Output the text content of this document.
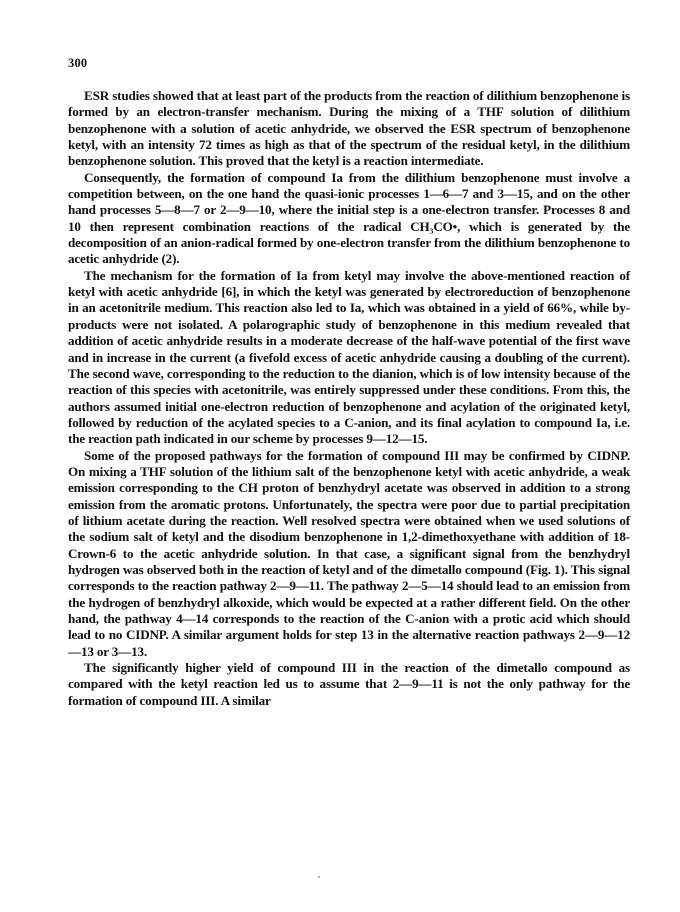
300

ESR studies showed that at least part of the products from the reaction of dilithium benzophenone is formed by an electron-transfer mechanism. During the mixing of a THF solution of dilithium benzophenone with a solution of acetic anhydride, we observed the ESR spectrum of benzophenone ketyl, with an intensity 72 times as high as that of the spectrum of the residual ketyl, in the dilithium benzophenone solution. This proved that the ketyl is a reaction intermediate.

Consequently, the formation of compound Ia from the dilithium benzophenone must involve a competition between, on the one hand the quasi-ionic processes 1—6—7 and 3—15, and on the other hand processes 5—8—7 or 2—9—10, where the initial step is a one-electron transfer. Processes 8 and 10 then represent combination reactions of the radical CH₃CO•, which is generated by the decomposition of an anion-radical formed by one-electron transfer from the dilithium benzophenone to acetic anhydride (2).

The mechanism for the formation of Ia from ketyl may involve the above-mentioned reaction of ketyl with acetic anhydride [6], in which the ketyl was generated by electroreduction of benzophenone in an acetonitrile medium. This reaction also led to Ia, which was obtained in a yield of 66%, while by-products were not isolated. A polarographic study of benzophenone in this medium revealed that addition of acetic anhydride results in a moderate decrease of the half-wave potential of the first wave and in increase in the current (a fivefold excess of acetic anhydride causing a doubling of the current). The second wave, corresponding to the reduction to the dianion, which is of low intensity because of the reaction of this species with acetonitrile, was entirely suppressed under these conditions. From this, the authors assumed initial one-electron reduction of benzophenone and acylation of the originated ketyl, followed by reduction of the acylated species to a C-anion, and its final acylation to compound Ia, i.e. the reaction path indicated in our scheme by processes 9—12—15.

Some of the proposed pathways for the formation of compound III may be confirmed by CIDNP. On mixing a THF solution of the lithium salt of the benzophenone ketyl with acetic anhydride, a weak emission corresponding to the CH proton of benzhydryl acetate was observed in addition to a strong emission from the aromatic protons. Unfortunately, the spectra were poor due to partial precipitation of lithium acetate during the reaction. Well resolved spectra were obtained when we used solutions of the sodium salt of ketyl and the disodium benzophenone in 1,2-dimethoxyethane with addition of 18-Crown-6 to the acetic anhydride solution. In that case, a significant signal from the benzhydryl hydrogen was observed both in the reaction of ketyl and of the dimetallo compound (Fig. 1). This signal corresponds to the reaction pathway 2—9—11. The pathway 2—5—14 should lead to an emission from the hydrogen of benzhydryl alkoxide, which would be expected at a rather different field. On the other hand, the pathway 4—14 corresponds to the reaction of the C-anion with a protic acid which should lead to no CIDNP. A similar argument holds for step 13 in the alternative reaction pathways 2—9—12—13 or 3—13.

The significantly higher yield of compound III in the reaction of the dimetallo compound as compared with the ketyl reaction led us to assume that 2—9—11 is not the only pathway for the formation of compound III. A similar
